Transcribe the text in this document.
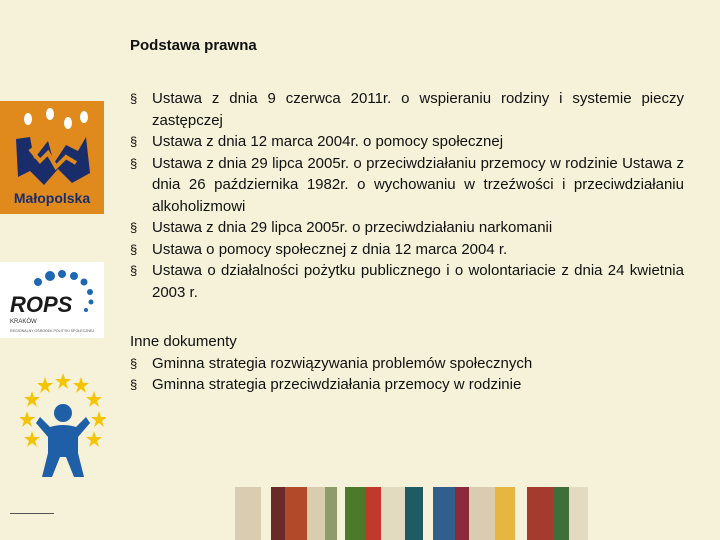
Małopolska
ROPS
KRAKÓW
REGIONALNY OŚRODEK POLITYKI SPOŁECZNEJ
Podstawa prawna
§ Ustawa z dnia 9 czerwca 2011r. o wspieraniu rodziny i systemie pieczy zastępczej
§ Ustawa z dnia 12 marca 2004r. o pomocy społecznej
§ Ustawa z dnia 29 lipca 2005r. o przeciwdziałaniu przemocy w rodzinie Ustawa z dnia 26 października 1982r. o wychowaniu w trzeźwości i przeciwdziałaniu alkoholizmowi
§ Ustawa z dnia 29 lipca 2005r. o przeciwdziałaniu narkomanii
§ Ustawa o pomocy społecznej z dnia 12 marca 2004 r.
§ Ustawa o działalności pożytku publicznego i o wolontariacie z dnia 24 kwietnia 2003 r.

Inne dokumenty

§ Gminna strategia rozwiązywania problemów społecznych
§ Gminna strategia przeciwdziałania przemocy w rodzinie
